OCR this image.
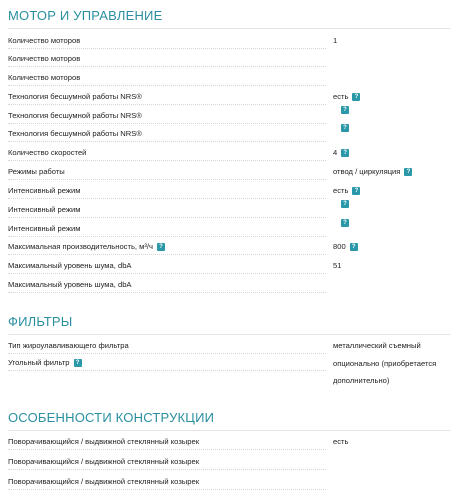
МОТОР И УПРАВЛЕНИЕ
Количество моторов	1
Количество моторов
Количество моторов
Технология бесшумной работы NRS®	есть ?
Технология бесшумной работы NRS®
?
Технология бесшумной работы NRS®
?
Количество скоростей	4 ?
Режимы работы	отвод / циркуляция ?
Интенсивный режим	есть ?
Интенсивный режим
?
Интенсивный режим
?
Максимальная производительность, м³/ч ?	800 ?
Максимальный уровень шума, dbA	51
Максимальный уровень шума, dbA
ФИЛЬТРЫ
Тип жироулавливающего фильтра	металлический съемный
Угольный фильтр ?	опционально (приобретается дополнительно)
ОСОБЕННОСТИ КОНСТРУКЦИИ
Поворачивающийся / выдвижной стеклянный козырек	есть
Поворачивающийся / выдвижной стеклянный козырек
Поворачивающийся / выдвижной стеклянный козырек
